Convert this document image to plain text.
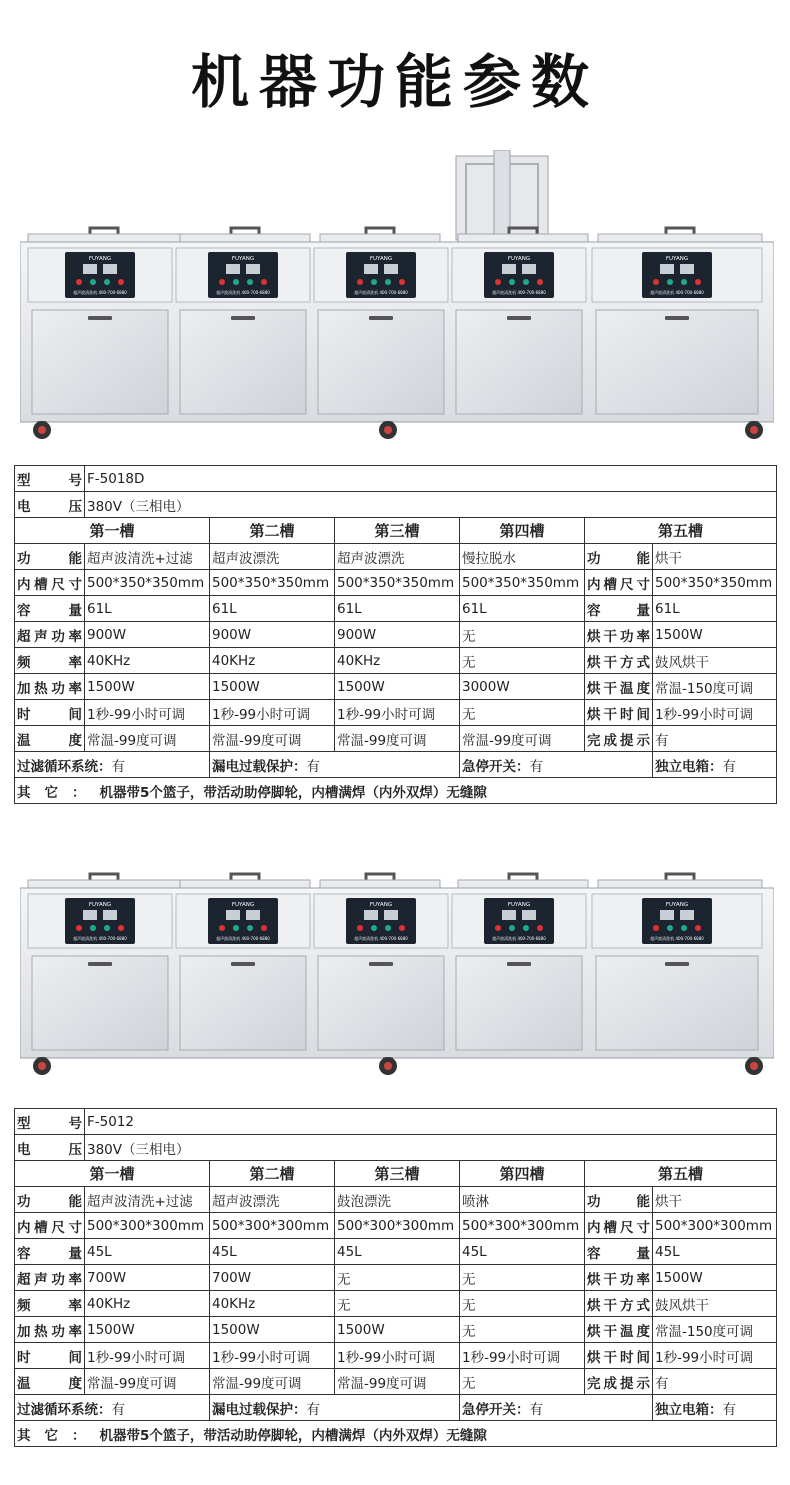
机器功能参数
FUYANG
超声波清洗机 400-700-6880
FUYANG
超声波清洗机 400-700-6880
FUYANG
超声波清洗机 400-700-6880
FUYANG
超声波清洗机 400-700-6880
FUYANG
超声波清洗机 400-700-6880
型号	F-5018D					
电压	380V（三相电）					
第一槽		第二槽	第三槽	第四槽	第五槽	
功能	超声波清洗+过滤	超声波漂洗	超声波漂洗	慢拉脱水	功能	烘干
内槽尺寸	500*350*350mm	500*350*350mm	500*350*350mm	500*350*350mm	内槽尺寸	500*350*350mm
容量	61L	61L	61L	61L	容量	61L
超声功率	900W	900W	900W	无	烘干功率	1500W
频率	40KHz	40KHz	40KHz	无	烘干方式	鼓风烘干
加热功率	1500W	1500W	1500W	3000W	烘干温度	常温-150度可调
时间	1秒-99小时可调	1秒-99小时可调	1秒-99小时可调	无	烘干时间	1秒-99小时可调
温度	常温-99度可调	常温-99度可调	常温-99度可调	常温-99度可调	完成提示	有
过滤循环系统：有		漏电过载保护：有		急停开关：有		独立电箱：有
其它：机器带5个篮子，带活动助停脚轮，内槽满焊（内外双焊）无缝隙						
FUYANG
超声波清洗机 400-700-6880
FUYANG
超声波清洗机 400-700-6880
FUYANG
超声波清洗机 400-700-6880
FUYANG
超声波清洗机 400-700-6880
FUYANG
超声波清洗机 400-700-6880
型号	F-5012					
电压	380V（三相电）					
第一槽		第二槽	第三槽	第四槽	第五槽	
功能	超声波清洗+过滤	超声波漂洗	鼓泡漂洗	喷淋	功能	烘干
内槽尺寸	500*300*300mm	500*300*300mm	500*300*300mm	500*300*300mm	内槽尺寸	500*300*300mm
容量	45L	45L	45L	45L	容量	45L
超声功率	700W	700W	无	无	烘干功率	1500W
频率	40KHz	40KHz	无	无	烘干方式	鼓风烘干
加热功率	1500W	1500W	1500W	无	烘干温度	常温-150度可调
时间	1秒-99小时可调	1秒-99小时可调	1秒-99小时可调	1秒-99小时可调	烘干时间	1秒-99小时可调
温度	常温-99度可调	常温-99度可调	常温-99度可调	无	完成提示	有
过滤循环系统：有		漏电过载保护：有		急停开关：有		独立电箱：有
其它：机器带5个篮子，带活动助停脚轮，内槽满焊（内外双焊）无缝隙						
